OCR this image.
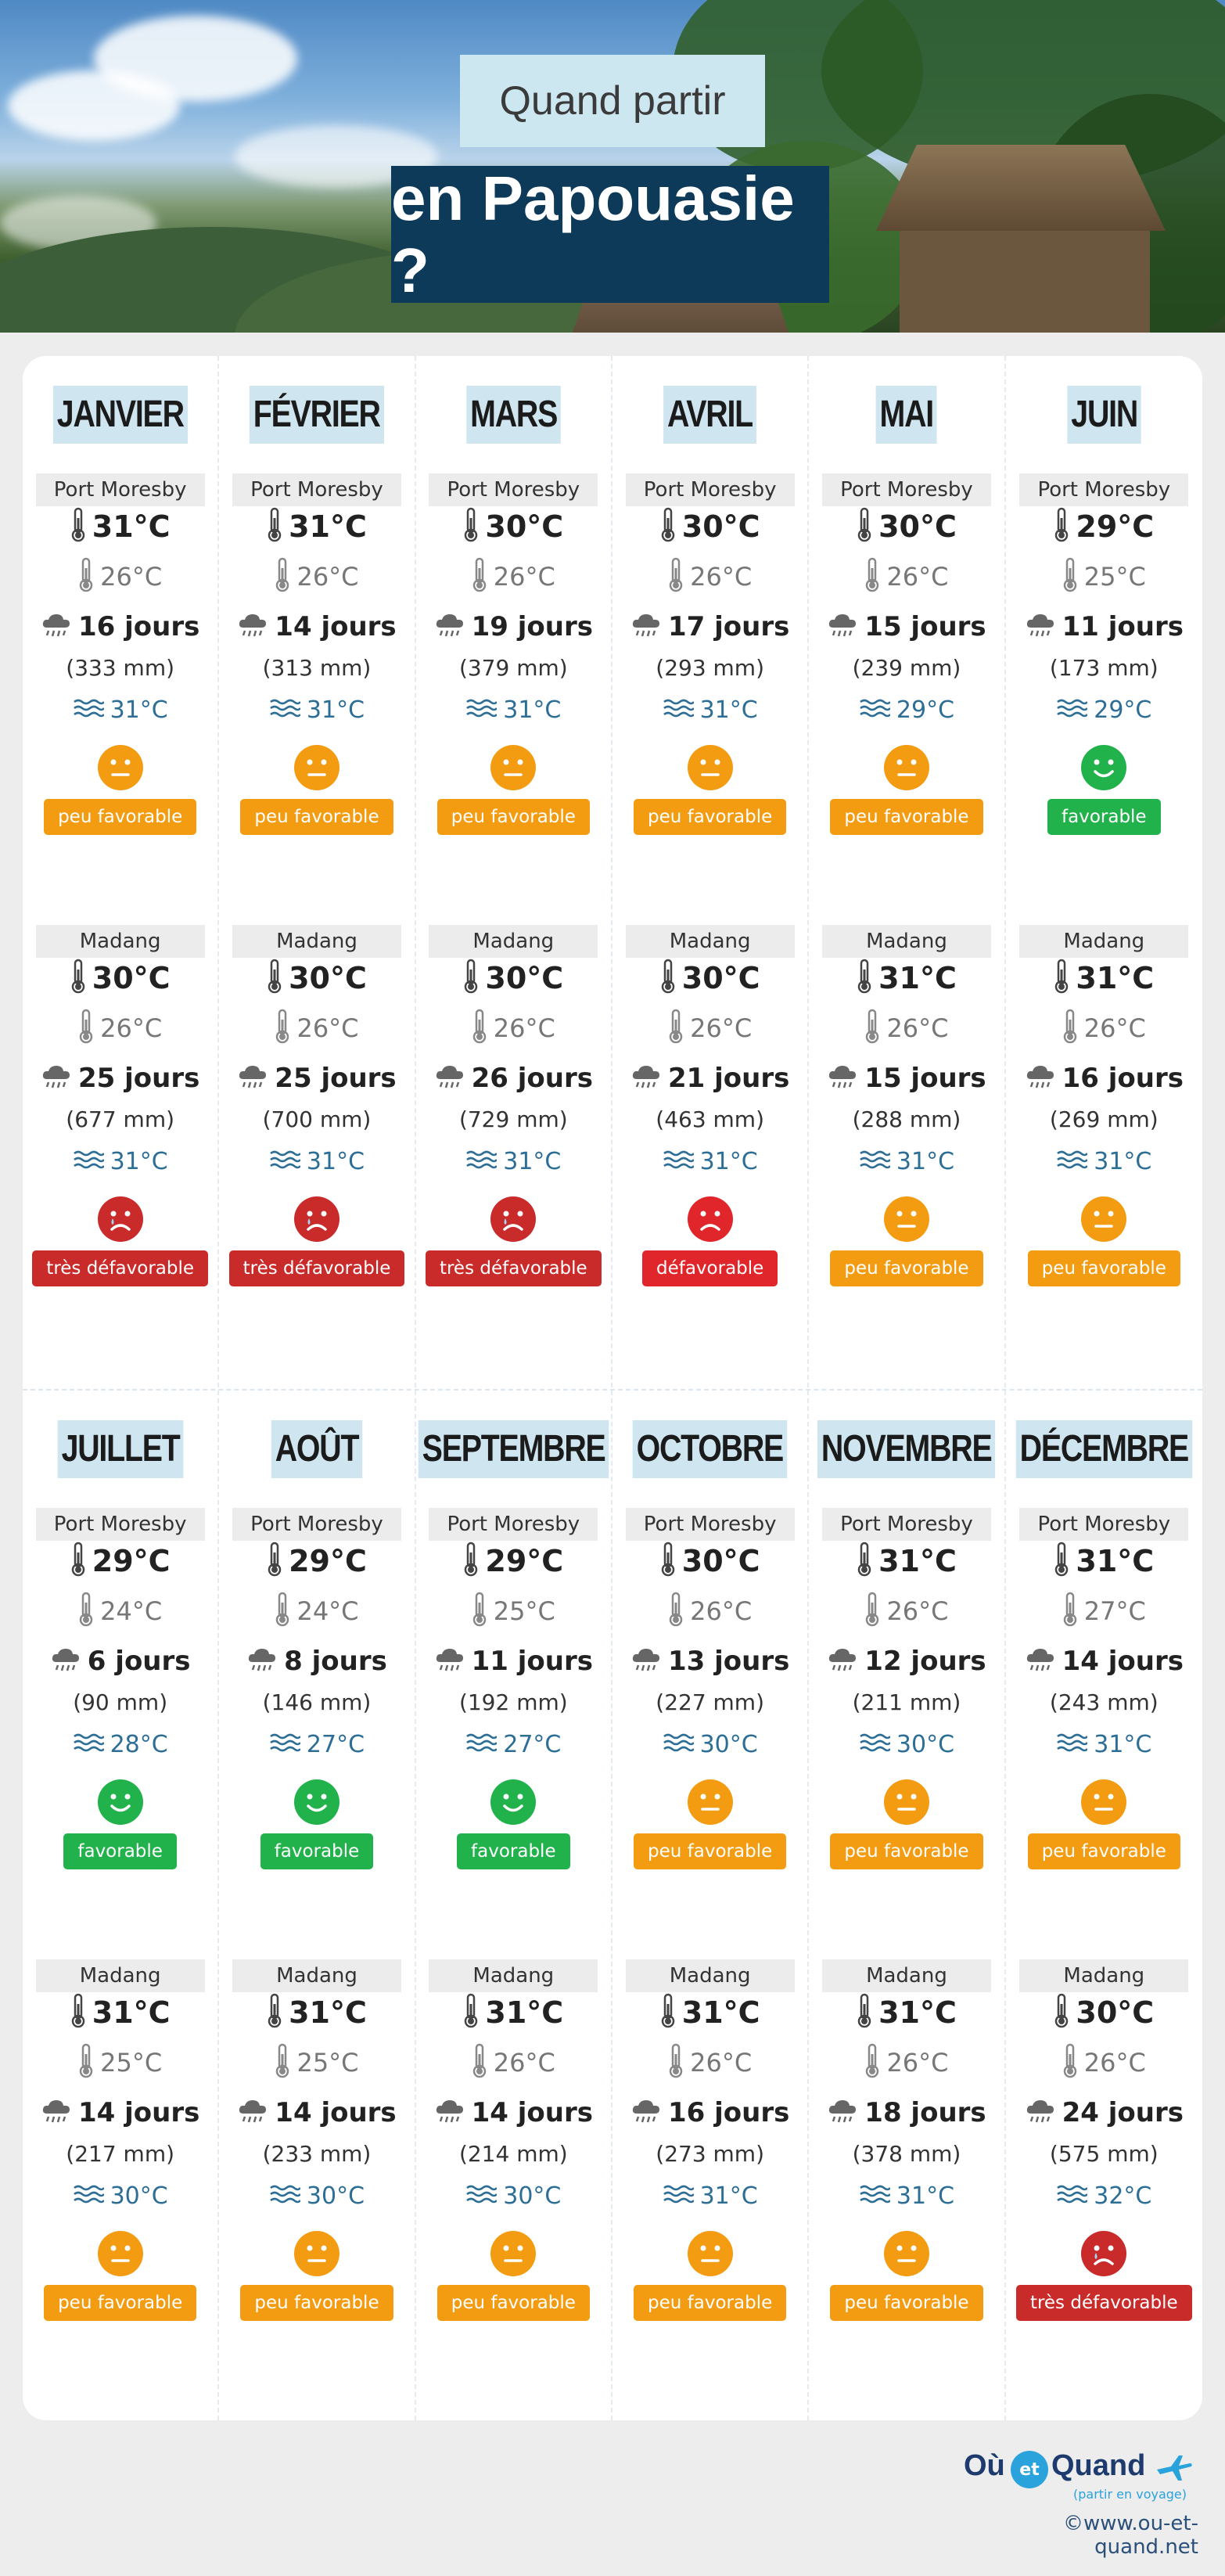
Quand partir
en Papouasie ?
JANVIER
Port Moresby
31°C
26°C
16 jours
(333 mm)
31°C
peu favorable
Madang
30°C
26°C
25 jours
(677 mm)
31°C
très défavorable
FÉVRIER
Port Moresby
31°C
26°C
14 jours
(313 mm)
31°C
peu favorable
Madang
30°C
26°C
25 jours
(700 mm)
31°C
très défavorable
MARS
Port Moresby
30°C
26°C
19 jours
(379 mm)
31°C
peu favorable
Madang
30°C
26°C
26 jours
(729 mm)
31°C
très défavorable
AVRIL
Port Moresby
30°C
26°C
17 jours
(293 mm)
31°C
peu favorable
Madang
30°C
26°C
21 jours
(463 mm)
31°C
défavorable
MAI
Port Moresby
30°C
26°C
15 jours
(239 mm)
29°C
peu favorable
Madang
31°C
26°C
15 jours
(288 mm)
31°C
peu favorable
JUIN
Port Moresby
29°C
25°C
11 jours
(173 mm)
29°C
favorable
Madang
31°C
26°C
16 jours
(269 mm)
31°C
peu favorable
JUILLET
Port Moresby
29°C
24°C
6 jours
(90 mm)
28°C
favorable
Madang
31°C
25°C
14 jours
(217 mm)
30°C
peu favorable
AOÛT
Port Moresby
29°C
24°C
8 jours
(146 mm)
27°C
favorable
Madang
31°C
25°C
14 jours
(233 mm)
30°C
peu favorable
SEPTEMBRE
Port Moresby
29°C
25°C
11 jours
(192 mm)
27°C
favorable
Madang
31°C
26°C
14 jours
(214 mm)
30°C
peu favorable
OCTOBRE
Port Moresby
30°C
26°C
13 jours
(227 mm)
30°C
peu favorable
Madang
31°C
26°C
16 jours
(273 mm)
31°C
peu favorable
NOVEMBRE
Port Moresby
31°C
26°C
12 jours
(211 mm)
30°C
peu favorable
Madang
31°C
26°C
18 jours
(378 mm)
31°C
peu favorable
DÉCEMBRE
Port Moresby
31°C
27°C
14 jours
(243 mm)
31°C
peu favorable
Madang
30°C
26°C
24 jours
(575 mm)
32°C
très défavorable
Où et Quand
(partir en voyage)
©www.ou-et-quand.net
